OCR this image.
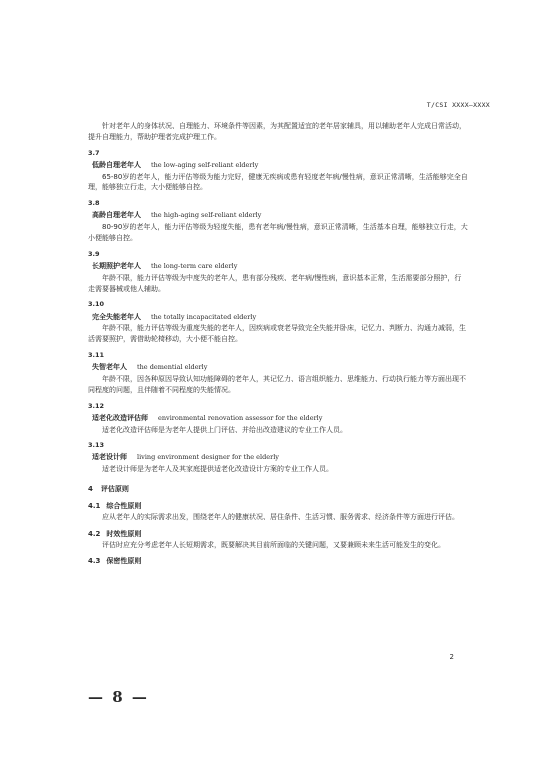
T/CSI XXXX—XXXX

针对老年人的身体状况、自理能力、环境条件等因素，为其配置适宜的老年居家辅具，用以辅助老年人完成日常活动，提升自理能力，帮助护理者完成护理工作。

3.7
低龄自理老年人 the low-aging self-reliant elderly

65-80岁的老年人，能力评估等级为能力完好，健康无疾病或患有轻度老年病/慢性病，意识正常清晰，生活能够完全自理，能够独立行走，大小便能够自控。

3.8
高龄自理老年人 the high-aging self-reliant elderly

80-90岁的老年人，能力评估等级为轻度失能，患有老年病/慢性病，意识正常清晰，生活基本自理，能够独立行走，大小便能够自控。

3.9
长期照护老年人 the long-term care elderly

年龄不限，能力评估等级为中度失的老年人，患有部分残疾、老年病/慢性病，意识基本正常，生活需要部分照护，行走需要器械或他人辅助。

3.10
完全失能老年人 the totally incapacitated elderly

年龄不限，能力评估等级为重度失能的老年人，因疾病或衰老导致完全失能并卧床，记忆力、判断力、沟通力减弱，生活需要照护，需借助轮椅移动，大小便不能自控。

3.11
失智老年人 the demential elderly

年龄不限，因各种原因导致认知功能障碍的老年人，其记忆力、语言组织能力、思维能力、行动执行能力等方面出现不同程度的问题，且伴随着不同程度的失能情况。

3.12
适老化改造评估师 environmental renovation assessor for the elderly

适老化改造评估师是为老年人提供上门评估、并给出改造建议的专业工作人员。

3.13
适老设计师 living environment designer for the elderly

适老设计师是为老年人及其家庭提供适老化改造设计方案的专业工作人员。

4 评估原则
4.1 综合性原则

应从老年人的实际需求出发，围绕老年人的健康状况、居住条件、生活习惯、服务需求、经济条件等方面进行评估。

4.2 时效性原则

评估时应充分考虑老年人长短期需求，既要解决其目前所面临的关键问题，又要兼顾未来生活可能发生的变化。

4.3 保密性原则
2
— 8 —
